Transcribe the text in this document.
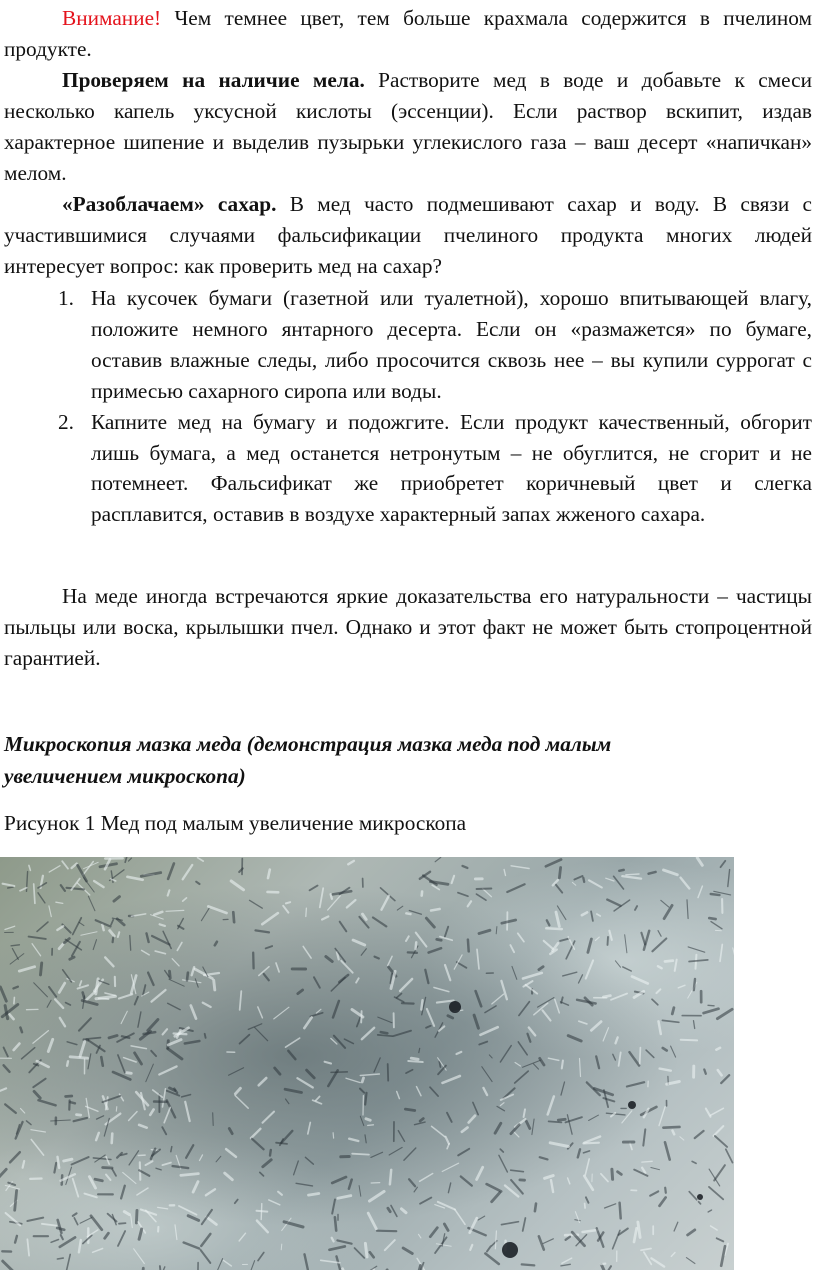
Внимание! Чем темнее цвет, тем больше крахмала содержится в пчелином продукте.

Проверяем на наличие мела. Растворите мед в воде и добавьте к смеси несколько капель уксусной кислоты (эссенции). Если раствор вскипит, издав характерное шипение и выделив пузырьки углекислого газа – ваш десерт «напичкан» мелом.

«Разоблачаем» сахар. В мед часто подмешивают сахар и воду. В связи с участившимися случаями фальсификации пчелиного продукта многих людей интересует вопрос: как проверить мед на сахар?

1. На кусочек бумаги (газетной или туалетной), хорошо впитывающей влагу, положите немного янтарного десерта. Если он «размажется» по бумаге, оставив влажные следы, либо просочится сквозь нее – вы купили суррогат с примесью сахарного сиропа или воды.
2. Капните мед на бумагу и подожгите. Если продукт качественный, обгорит лишь бумага, а мед останется нетронутым – не обуглится, не сгорит и не потемнеет. Фальсификат же приобретет коричневый цвет и слегка расплавится, оставив в воздухе характерный запах жженого сахара.

На меде иногда встречаются яркие доказательства его натуральности – частицы пыльцы или воска, крылышки пчел. Однако и этот факт не может быть стопроцентной гарантией.

Микроскопия мазка меда (демонстрация мазка меда под малым
увеличением микроскопа)

Рисунок 1 Мед под малым увеличение микроскопа
